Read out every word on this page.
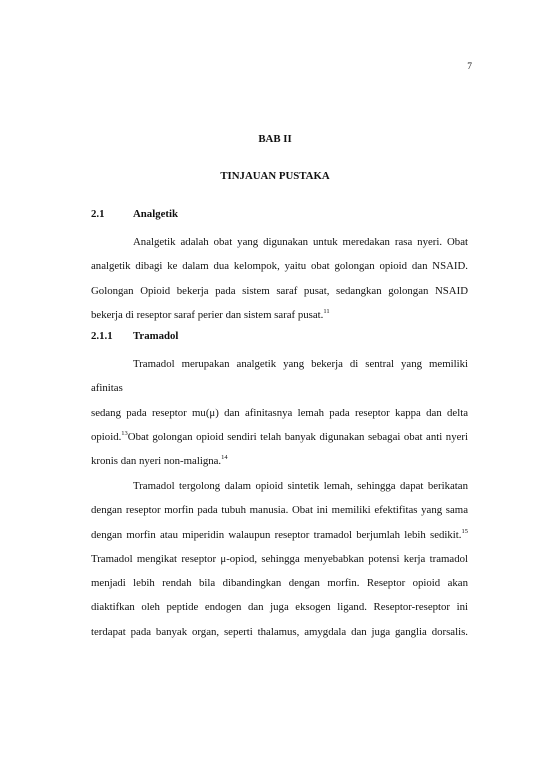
7
BAB II
TINJAUAN PUSTAKA
2.1	Analgetik

Analgetik adalah obat yang digunakan untuk meredakan rasa nyeri. Obat
analgetik dibagi ke dalam dua kelompok, yaitu obat golongan opioid dan NSAID.
Golongan Opioid bekerja pada sistem saraf pusat, sedangkan golongan NSAID
bekerja di reseptor saraf perier dan sistem saraf pusat.$^{11}$

2.1.1 Tramadol

Tramadol merupakan analgetik yang bekerja di sentral yang memiliki afinitas
sedang pada reseptor mu(μ) dan afinitasnya lemah pada reseptor kappa dan delta
opioid.$^{13}$Obat golongan opioid sendiri telah banyak digunakan sebagai obat anti nyeri
kronis dan nyeri non-maligna.$^{14}$

Tramadol tergolong dalam opioid sintetik lemah, sehingga dapat berikatan
dengan reseptor morfin pada tubuh manusia. Obat ini memiliki efektifitas yang sama
dengan morfin atau miperidin walaupun reseptor tramadol berjumlah lebih sedikit.$^{15}$
Tramadol mengikat reseptor μ-opiod, sehingga menyebabkan potensi kerja tramadol
menjadi lebih rendah bila dibandingkan dengan morfin. Reseptor opioid akan
diaktifkan oleh peptide endogen dan juga eksogen ligand. Reseptor-reseptor ini
terdapat pada banyak organ, seperti thalamus, amygdala dan juga ganglia dorsalis.
